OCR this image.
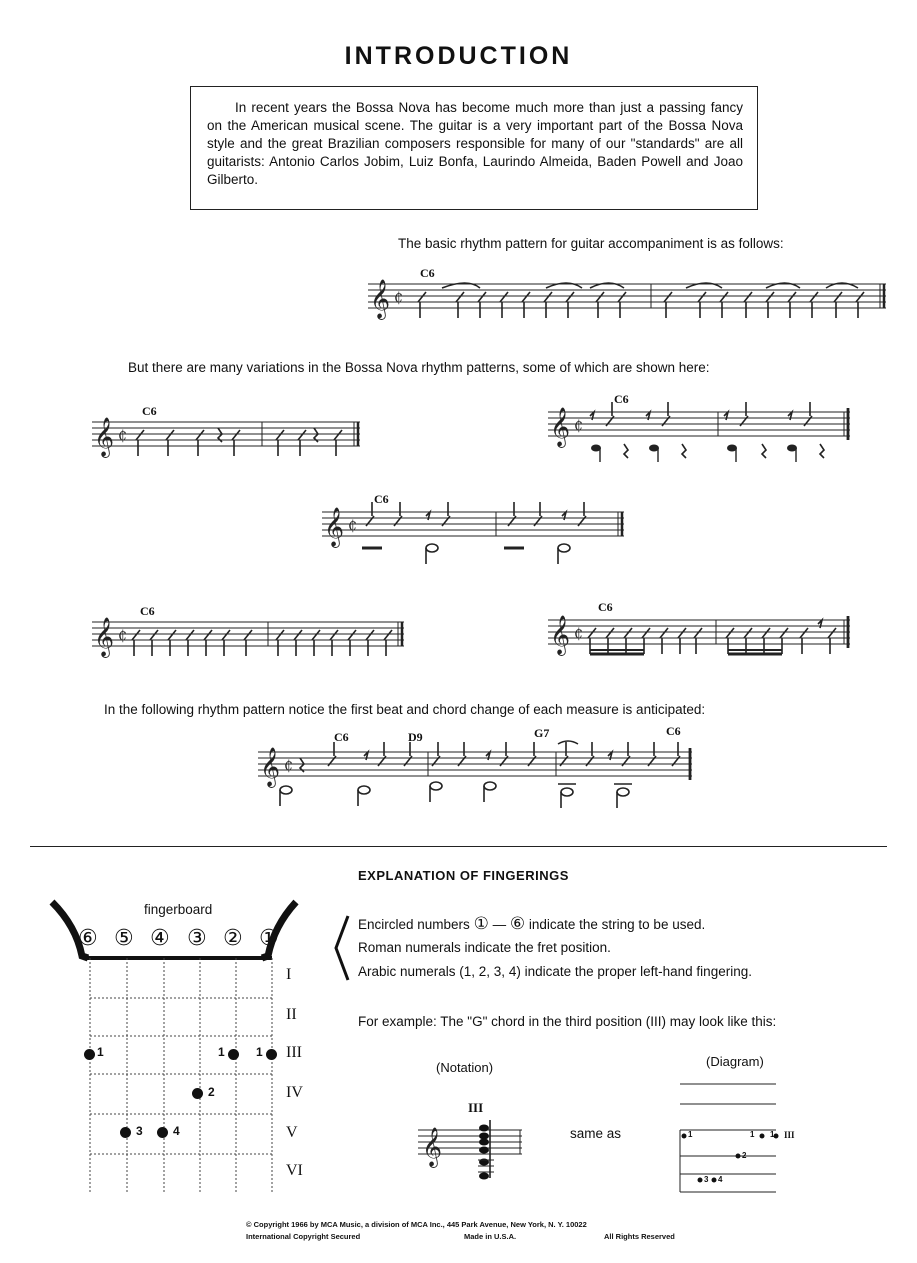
INTRODUCTION
In recent years the Bossa Nova has become much more than just a passing fancy on the American musical scene. The guitar is a very important part of the Bossa Nova style and the great Brazilian composers responsible for many of our "standards" are all guitarists: Antonio Carlos Jobim, Luiz Bonfa, Laurindo Almeida, Baden Powell and Joao Gilberto.
The basic rhythm pattern for guitar accompaniment is as follows:
C6
𝄞 ₵
But there are many variations in the Bossa Nova rhythm patterns, some of which are shown here:
C6
𝄞 ₵
C6
𝄞 ₵
C6
𝄞 ₵
C6
𝄞 ₵
C6
𝄞 ₵
In the following rhythm pattern notice the first beat and chord change of each measure is anticipated:
C6	D9	G7	C6
𝄞 ₵
EXPLANATION OF FINGERINGS
fingerboard
⑥ ⑤ ④ ③ ② ①
I
II
III
IV
V
VI
1	1	1
2
3	4
Encircled numbers ① — ⑥ indicate the string to be used.
Roman numerals indicate the fret position.
Arabic numerals (1, 2, 3, 4) indicate the proper left-hand fingering.
For example: The "G" chord in the third position (III) may look like this:
(Notation)
III
𝄞	same as
(Diagram)
1	1 1 III
2
3 4
© Copyright 1966 by MCA Music, a division of MCA Inc., 445 Park Avenue, New York, N. Y. 10022
International Copyright Secured	Made in U.S.A.	All Rights Reserved
